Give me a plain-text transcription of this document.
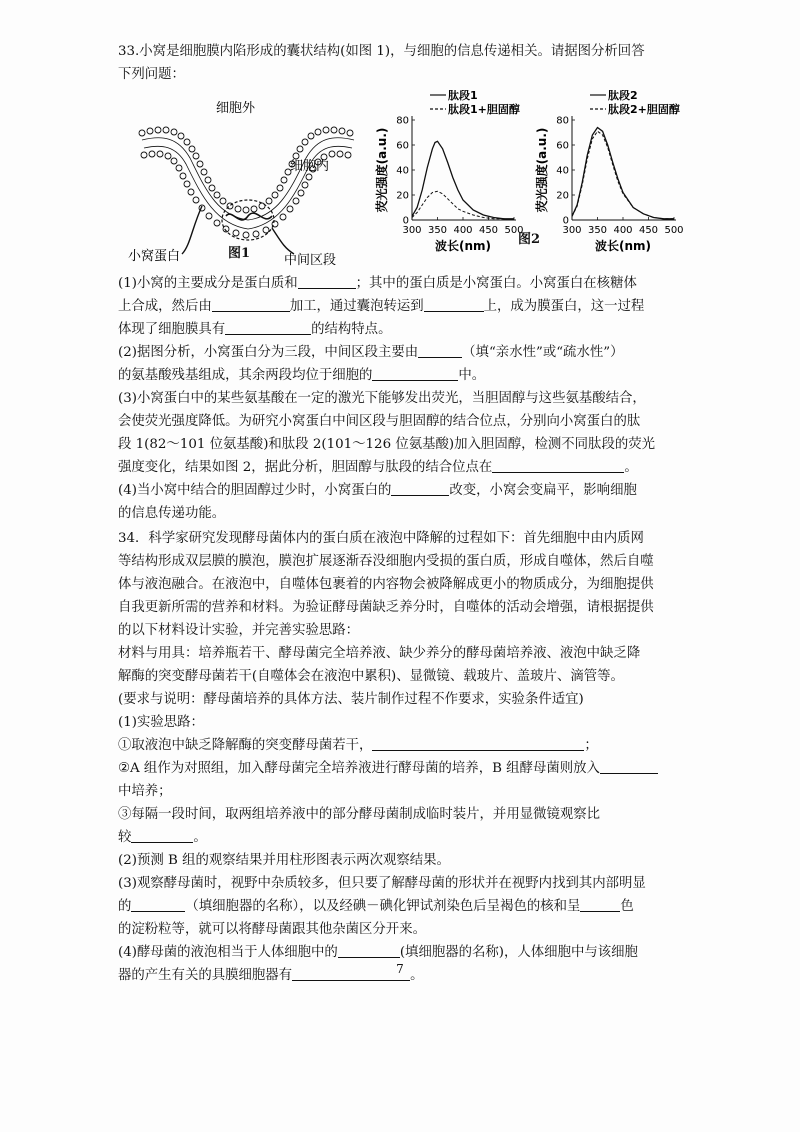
33.小窝是细胞膜内陷形成的囊状结构(如图 1)，与细胞的信息传递相关。请据图分析回答

下列问题：

细胞外
细胞内
小窝蛋白	中间区段
0
20
40
60
80
300 350 400 450 500
波长(nm)
荧光强度(a.u.)
肽段1
肽段1+胆固醇
0
20
40
60
80
300 350 400 450 500
波长(nm)
荧光强度(a.u.)
肽段2
肽段2+胆固醇
图1
图2

(1)小窝的主要成分是蛋白质和	；其中的蛋白质是小窝蛋白。小窝蛋白在核糖体

上合成，然后由	加工，通过囊泡转运到	上，成为膜蛋白，这一过程

体现了细胞膜具有	的结构特点。

(2)据图分析，小窝蛋白分为三段，中间区段主要由	（填“亲水性”或“疏水性”）

的氨基酸残基组成，其余两段均位于细胞的	中。

(3)小窝蛋白中的某些氨基酸在一定的激光下能够发出荧光，当胆固醇与这些氨基酸结合，

会使荧光强度降低。为研究小窝蛋白中间区段与胆固醇的结合位点，分别向小窝蛋白的肽

段 1(82～101 位氨基酸)和肽段 2(101～126 位氨基酸)加入胆固醇，检测不同肽段的荧光

强度变化，结果如图 2，据此分析，胆固醇与肽段的结合位点在	。

(4)当小窝中结合的胆固醇过少时，小窝蛋白的	改变，小窝会变扁平，影响细胞

的信息传递功能。

34．科学家研究发现酵母菌体内的蛋白质在液泡中降解的过程如下：首先细胞中由内质网

等结构形成双层膜的膜泡，膜泡扩展逐渐吞没细胞内受损的蛋白质，形成自噬体，然后自噬

体与液泡融合。在液泡中，自噬体包裹着的内容物会被降解成更小的物质成分，为细胞提供

自我更新所需的营养和材料。为验证酵母菌缺乏养分时，自噬体的活动会增强，请根据提供

的以下材料设计实验，并完善实验思路：

材料与用具：培养瓶若干、酵母菌完全培养液、缺少养分的酵母菌培养液、液泡中缺乏降

解酶的突变酵母菌若干(自噬体会在液泡中累积)、显微镜、载玻片、盖玻片、滴管等。

(要求与说明：酵母菌培养的具体方法、装片制作过程不作要求，实验条件适宜)

(1)实验思路：

①取液泡中缺乏降解酶的突变酵母菌若干，	；

②A 组作为对照组，加入酵母菌完全培养液进行酵母菌的培养，B 组酵母菌则放入

中培养；

③每隔一段时间，取两组培养液中的部分酵母菌制成临时装片，并用显微镜观察比

较	。

(2)预测 B 组的观察结果并用柱形图表示两次观察结果。

(3)观察酵母菌时，视野中杂质较多，但只要了解酵母菌的形状并在视野内找到其内部明显

的	（填细胞器的名称），以及经碘－碘化钾试剂染色后呈褐色的核和呈	色

的淀粉粒等，就可以将酵母菌跟其他杂菌区分开来。

(4)酵母菌的液泡相当于人体细胞中的	(填细胞器的名称)，人体细胞中与该细胞

器的产生有关的具膜细胞器有	。

7
